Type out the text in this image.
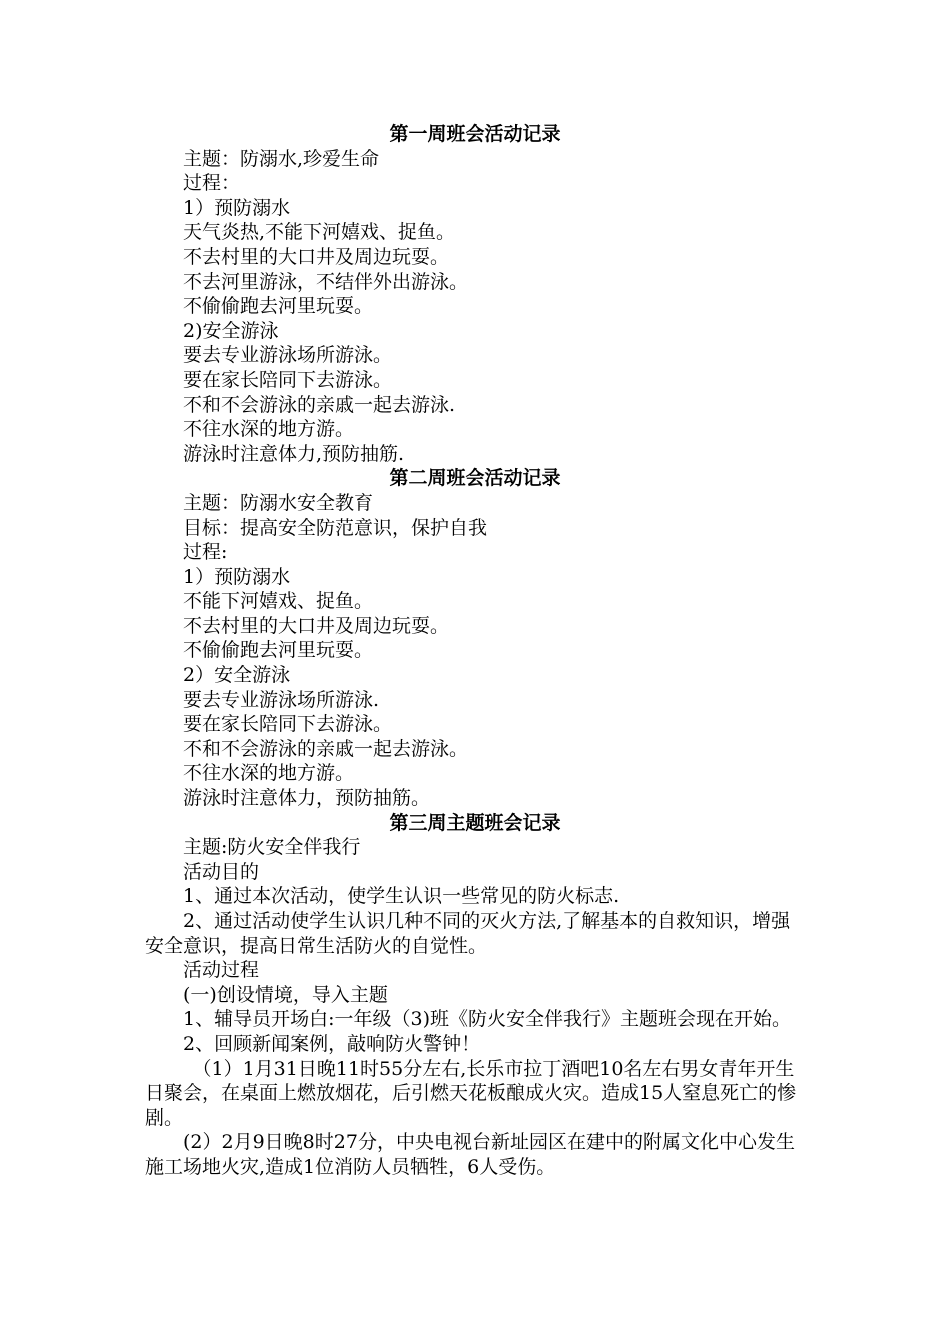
第一周班会活动记录

主题：防溺水,珍爱生命

过程：

1）预防溺水

天气炎热,不能下河嬉戏、捉鱼。

不去村里的大口井及周边玩耍。

不去河里游泳，不结伴外出游泳。

不偷偷跑去河里玩耍。

2)安全游泳

要去专业游泳场所游泳。

要在家长陪同下去游泳。

不和不会游泳的亲戚一起去游泳.

不往水深的地方游。

游泳时注意体力,预防抽筋.

第二周班会活动记录

主题：防溺水安全教育

目标：提高安全防范意识，保护自我

过程:

1）预防溺水

不能下河嬉戏、捉鱼。

不去村里的大口井及周边玩耍。

不偷偷跑去河里玩耍。

2）安全游泳

要去专业游泳场所游泳.

要在家长陪同下去游泳。

不和不会游泳的亲戚一起去游泳。

不往水深的地方游。

游泳时注意体力，预防抽筋。

第三周主题班会记录

主题:防火安全伴我行

活动目的

1、通过本次活动，使学生认识一些常见的防火标志.

2、通过活动使学生认识几种不同的灭火方法,了解基本的自救知识，增强安全意识，提高日常生活防火的自觉性。

活动过程

(一)创设情境，导入主题

1、辅导员开场白:一年级（3)班《防火安全伴我行》主题班会现在开始。

2、回顾新闻案例，敲响防火警钟！

（1）1月31日晚11时55分左右,长乐市拉丁酒吧10名左右男女青年开生日聚会，在桌面上燃放烟花，后引燃天花板酿成火灾。造成15人窒息死亡的惨剧。

(2）2月9日晚8时27分，中央电视台新址园区在建中的附属文化中心发生施工场地火灾,造成1位消防人员牺牲，6人受伤。
